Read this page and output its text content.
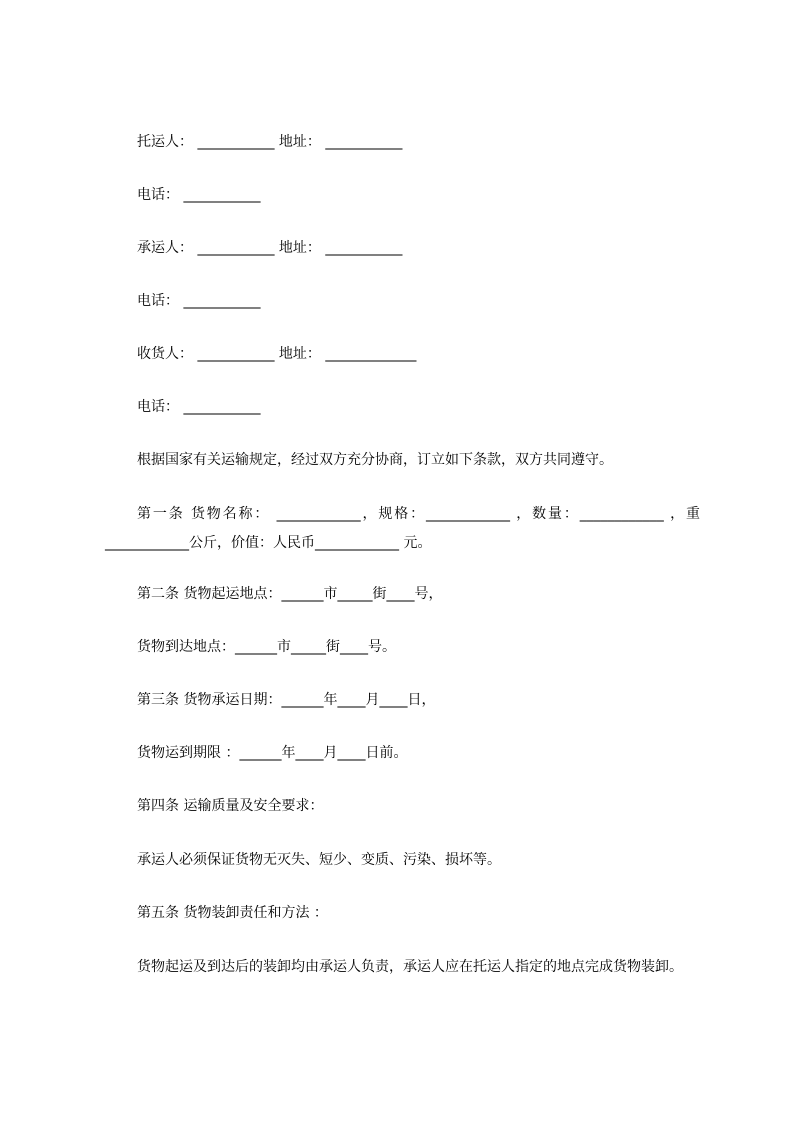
托运人： ___________ 地址： ___________

电话： ___________

承运人： ___________ 地址： ___________

电话： ___________

收货人： ___________ 地址： _____________

电话： ___________

根据国家有关运输规定，经过双方充分协商，订立如下条款，双方共同遵守。

第一条 货物名称： ____________，规格：____________ ，数量：____________ ，重 ____________公斤，价值：人民币____________ 元。

第二条 货物起运地点：______市_____街____号，

货物到达地点：______市_____街____号。

第三条 货物承运日期：______年____月____日，

货物运到期限 ：______年____月____日前。

第四条 运输质量及安全要求：

承运人必须保证货物无灭失、短少、变质、污染、损坏等。

第五条 货物装卸责任和方法 ：

货物起运及到达后的装卸均由承运人负责，承运人应在托运人指定的地点完成货物装卸。
